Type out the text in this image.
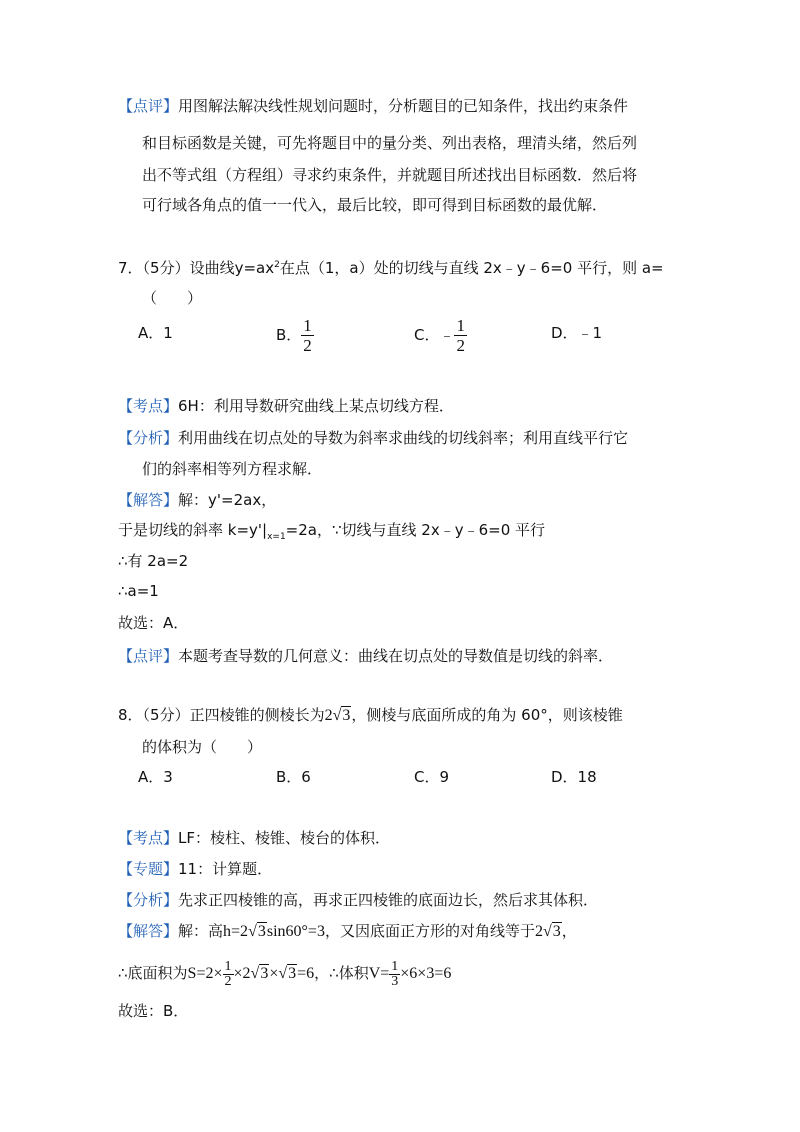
【点评】用图解法解决线性规划问题时，分析题目的已知条件，找出约束条件
和目标函数是关键，可先将题目中的量分类、列出表格，理清头绪，然后列
出不等式组（方程组）寻求约束条件，并就题目所述找出目标函数．然后将
可行域各角点的值一一代入，最后比较，即可得到目标函数的最优解．
7．（5分）设曲线$y=ax^2$在点（1，a）处的切线与直线 2x﹣y﹣6=0 平行，则 a=
（　　）
A．1	B． $\frac{1}{2}$	C．﹣ $\frac{1}{2}$	D．﹣1
【考点】6H：利用导数研究曲线上某点切线方程．
【分析】利用曲线在切点处的导数为斜率求曲线的切线斜率；利用直线平行它
们的斜率相等列方程求解．
【解答】解：y'=2ax，
于是切线的斜率 $k=y'|_{x=1}=2a$，∵切线与直线 2x﹣y﹣6=0 平行
∴有 2a=2
∴a=1
故选：A．
【点评】本题考查导数的几何意义：曲线在切点处的导数值是切线的斜率．
8．（5分）正四棱锥的侧棱长为2√3，侧棱与底面所成的角为 60°，则该棱锥
的体积为（　　）
A．3	B．6	C．9	D．18
【考点】LF：棱柱、棱锥、棱台的体积．
【专题】11：计算题．
【分析】先求正四棱锥的高，再求正四棱锥的底面边长，然后求其体积．
【解答】解：高h=2√3sin60°=3，又因底面正方形的对角线等于2√3，
∴底面积为$S=2\times \frac{1}{2} \times 2√3\times√3=6$，∴体积$V= \frac{1}{3} \times 6\times 3=6$
故选：B．
